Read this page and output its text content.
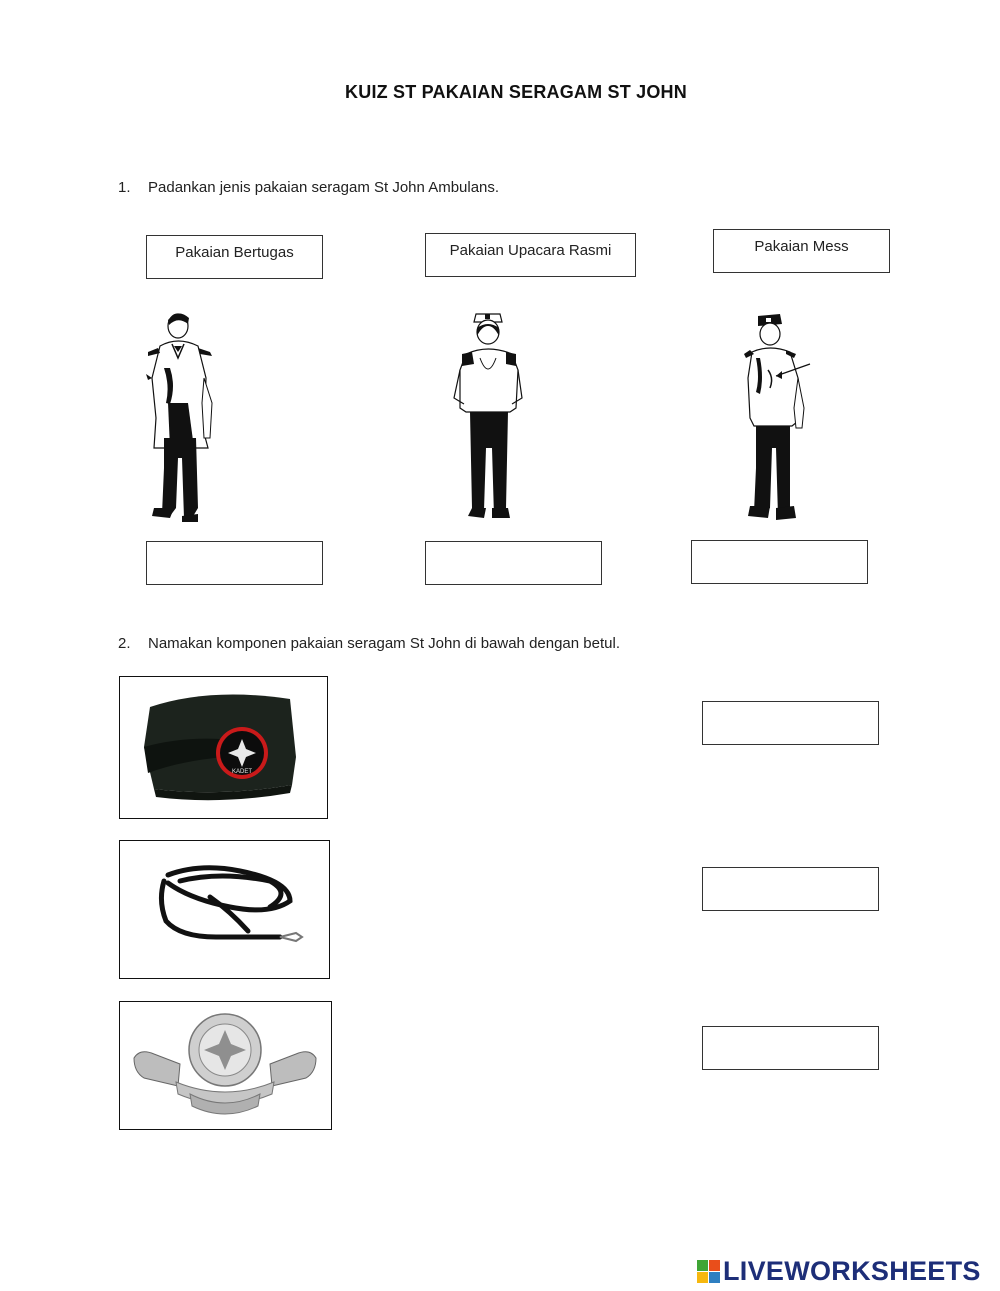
KUIZ ST PAKAIAN SERAGAM ST JOHN
1. Padankan jenis pakaian seragam St John Ambulans.
Pakaian Bertugas	Pakaian Upacara Rasmi	Pakaian Mess
2. Namakan komponen pakaian seragam St John di bawah dengan betul.
KADET
LIVEWORKSHEETS
